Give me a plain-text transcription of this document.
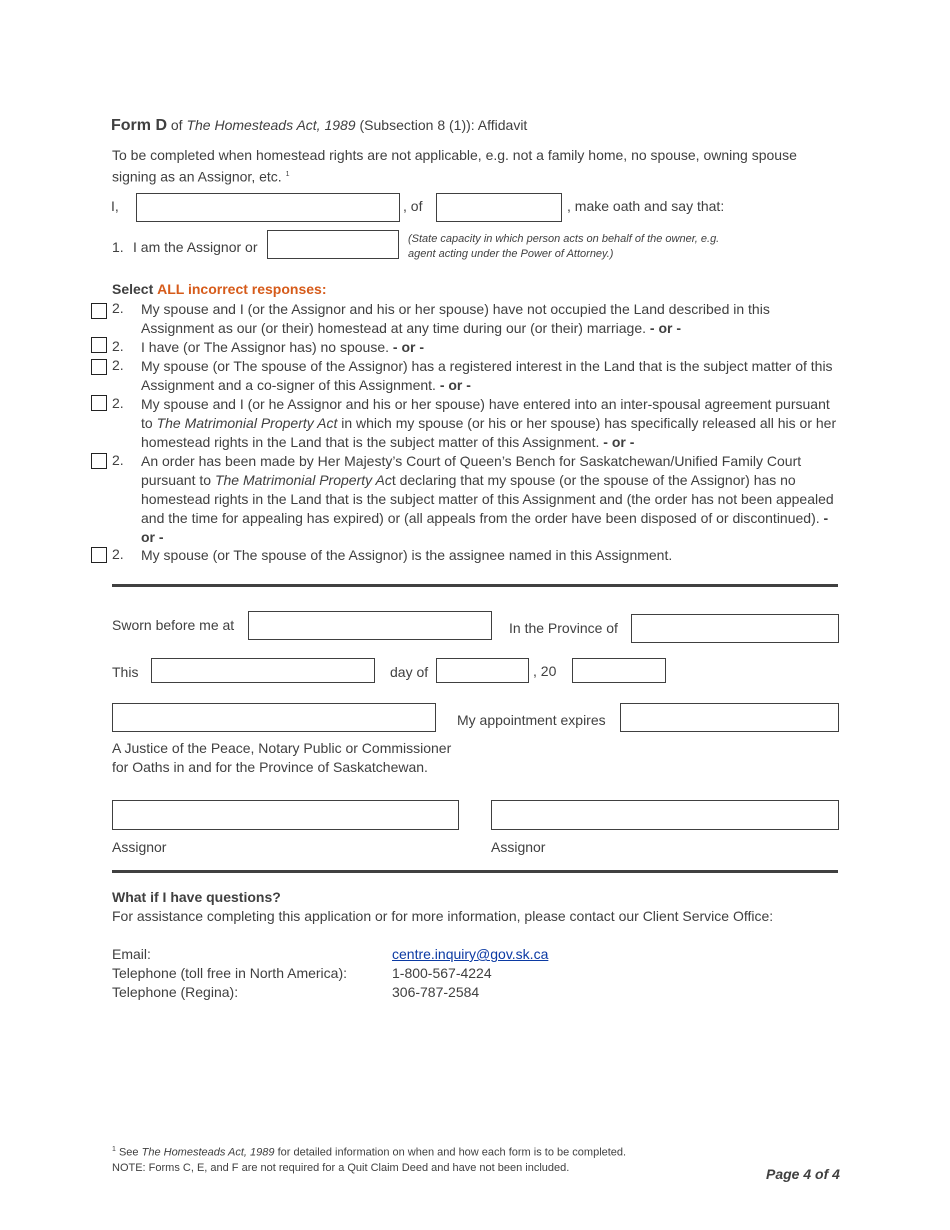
Form D of The Homesteads Act, 1989 (Subsection 8 (1)): Affidavit
To be completed when homestead rights are not applicable, e.g. not a family home, no spouse, owning spouse signing as an Assignor, etc. $^1$
I,	, of	, make oath and say that:
1. I am the Assignor or	(State capacity in which person acts on behalf of the owner, e.g. agent acting under the Power of Attorney.)
Select ALL incorrect responses:
2. My spouse and I (or the Assignor and his or her spouse) have not occupied the Land described in this Assignment as our (or their) homestead at any time during our (or their) marriage. - or -
2. I have (or The Assignor has) no spouse. - or -
2. My spouse (or The spouse of the Assignor) has a registered interest in the Land that is the subject matter of this Assignment and a co-signer of this Assignment. - or -
2. My spouse and I (or he Assignor and his or her spouse) have entered into an inter-spousal agreement pursuant to The Matrimonial Property Act in which my spouse (or his or her spouse) has specifically released all his or her homestead rights in the Land that is the subject matter of this Assignment. - or -
2. An order has been made by Her Majesty’s Court of Queen’s Bench for Saskatchewan/Unified Family Court pursuant to The Matrimonial Property Act declaring that my spouse (or the spouse of the Assignor) has no homestead rights in the Land that is the subject matter of this Assignment and (the order has not been appealed and the time for appealing has expired) or (all appeals from the order have been disposed of or discontinued). - or -
2. My spouse (or The spouse of the Assignor) is the assignee named in this Assignment.
Sworn before me at	In the Province of
This	day of	, 20
My appointment expires
A Justice of the Peace, Notary Public or Commissioner
for Oaths in and for the Province of Saskatchewan.
Assignor	Assignor
What if I have questions?
For assistance completing this application or for more information, please contact our Client Service Office:
Email:	centre.inquiry@gov.sk.ca
Telephone (toll free in North America):	1-800-567-4224
Telephone (Regina):	306-787-2584
$^1$ See The Homesteads Act, 1989 for detailed information on when and how each form is to be completed.
NOTE: Forms C, E, and F are not required for a Quit Claim Deed and have not been included.	Page 4 of 4
